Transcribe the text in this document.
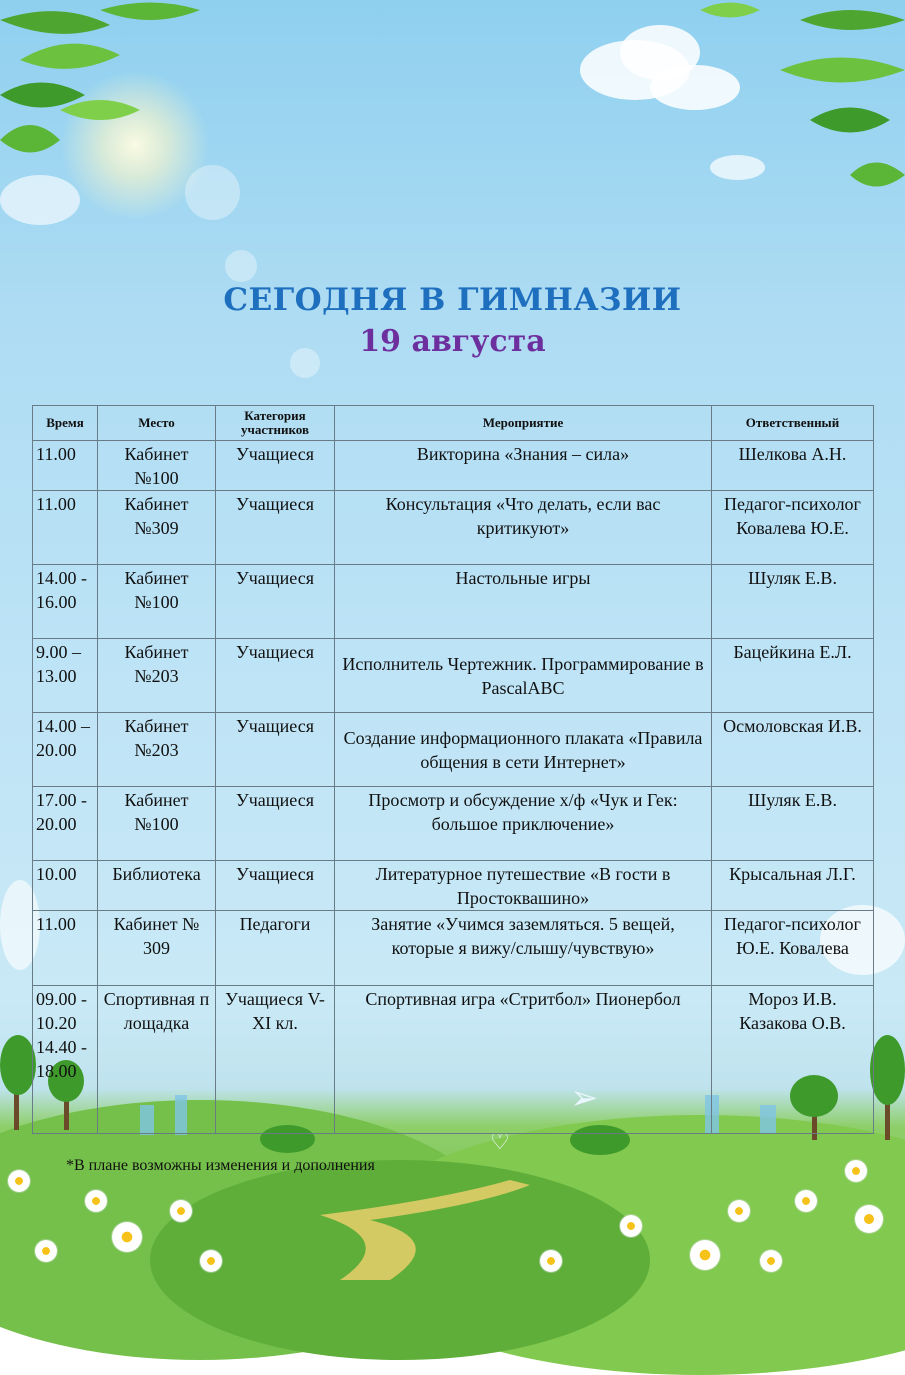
➢
♡
СЕГОДНЯ В ГИМНАЗИИ
19 августа
Время	Место	Категория участников	Мероприятие	Ответственный
11.00	Кабинет №100	Учащиеся	Викторина «Знания – сила»	Шелкова А.Н.
11.00	Кабинет №309	Учащиеся	Консультация «Что делать, если вас критикуют»	Педагог-психолог Ковалева Ю.Е.
14.00 - 16.00	Кабинет №100	Учащиеся	Настольные игры	Шуляк Е.В.
9.00 – 13.00	Кабинет №203	Учащиеся	Исполнитель Чертежник. Программирование в PascalABC	Бацейкина Е.Л.
14.00 – 20.00	Кабинет №203	Учащиеся	Создание информационного плаката «Правила общения в сети Интернет»	Осмоловская И.В.
17.00 - 20.00	Кабинет №100	Учащиеся	Просмотр и обсуждение х/ф «Чук и Гек: большое приключение»	Шуляк Е.В.
10.00	Библиотека	Учащиеся	Литературное путешествие «В гости в Простоквашино»	Крысальная Л.Г.
11.00	Кабинет № 309	Педагоги	Занятие «Учимся заземляться. 5 вещей, которые я вижу/слышу/чувствую»	Педагог-психолог Ю.Е. Ковалева
09.00 - 10.20 14.40 - 18.00	Спортивная площадка	Учащиеся V-XI кл.	Спортивная игра «Стритбол» Пионербол	Мороз И.В. Казакова О.В.
*В плане возможны изменения и дополнения
